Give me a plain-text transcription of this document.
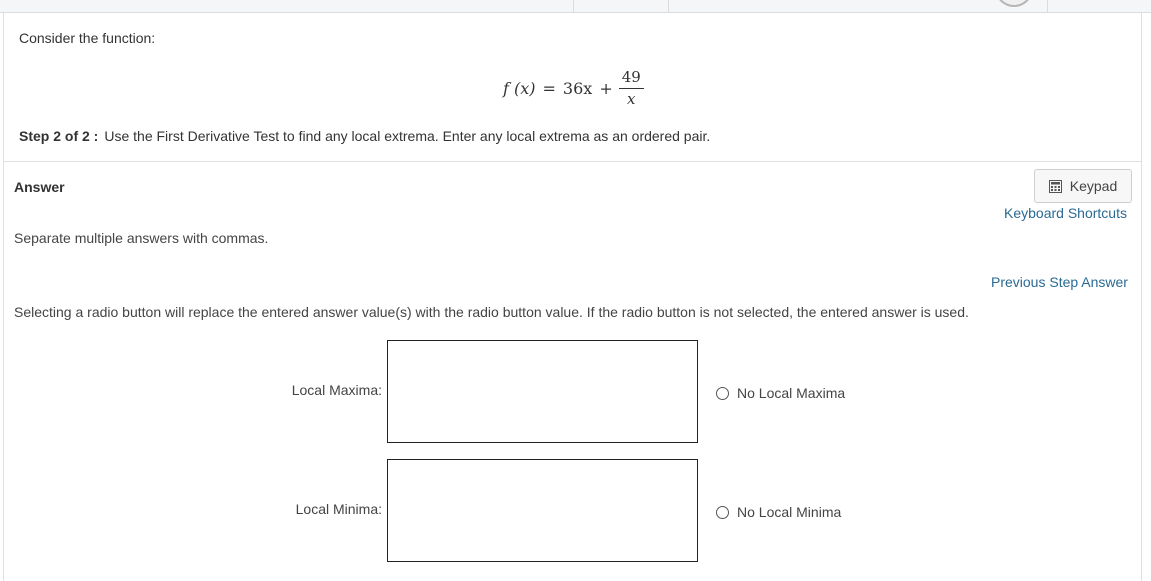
Consider the function:
f $(x) = 36x + \frac{49}{x}$
Step 2 of 2 : Use the First Derivative Test to find any local extrema. Enter any local extrema as an ordered pair.
Answer	Keypad
Keyboard Shortcuts
Separate multiple answers with commas.
Previous Step Answer
Selecting a radio button will replace the entered answer value(s) with the radio button value. If the radio button is not selected, the entered answer is used.
Local Maxima:	No Local Maxima
Local Minima:	No Local Minima
